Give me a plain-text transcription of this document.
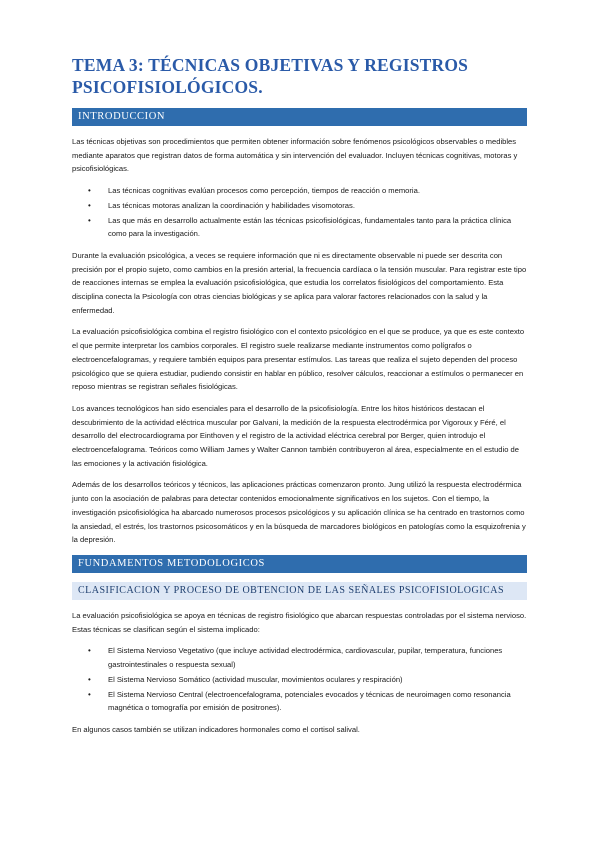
TEMA 3: TÉCNICAS OBJETIVAS Y REGISTROS PSICOFISIOLÓGICOS.
INTRODUCCION

Las técnicas objetivas son procedimientos que permiten obtener información sobre fenómenos psicológicos observables o medibles mediante aparatos que registran datos de forma automática y sin intervención del evaluador. Incluyen técnicas cognitivas, motoras y psicofisiológicas.

• Las técnicas cognitivas evalúan procesos como percepción, tiempos de reacción o memoria.
• Las técnicas motoras analizan la coordinación y habilidades visomotoras.
• Las que más en desarrollo actualmente están las técnicas psicofisiológicas, fundamentales tanto para la práctica clínica como para la investigación.

Durante la evaluación psicológica, a veces se requiere información que ni es directamente observable ni puede ser descrita con precisión por el propio sujeto, como cambios en la presión arterial, la frecuencia cardíaca o la tensión muscular. Para registrar este tipo de reacciones internas se emplea la evaluación psicofisiológica, que estudia los correlatos fisiológicos del comportamiento. Esta disciplina conecta la Psicología con otras ciencias biológicas y se aplica para valorar factores relacionados con la salud y la enfermedad.

La evaluación psicofisiológica combina el registro fisiológico con el contexto psicológico en el que se produce, ya que es este contexto el que permite interpretar los cambios corporales. El registro suele realizarse mediante instrumentos como polígrafos o electroencefalogramas, y requiere también equipos para presentar estímulos. Las tareas que realiza el sujeto dependen del proceso psicológico que se quiera estudiar, pudiendo consistir en hablar en público, resolver cálculos, reaccionar a estímulos o permanecer en reposo mientras se registran señales fisiológicas.

Los avances tecnológicos han sido esenciales para el desarrollo de la psicofisiología. Entre los hitos históricos destacan el descubrimiento de la actividad eléctrica muscular por Galvani, la medición de la respuesta electrodérmica por Vigoroux y Féré, el desarrollo del electrocardiograma por Einthoven y el registro de la actividad eléctrica cerebral por Berger, quien introdujo el electroencefalograma. Teóricos como William James y Walter Cannon también contribuyeron al área, especialmente en el estudio de las emociones y la activación fisiológica.

Además de los desarrollos teóricos y técnicos, las aplicaciones prácticas comenzaron pronto. Jung utilizó la respuesta electrodérmica junto con la asociación de palabras para detectar contenidos emocionalmente significativos en los sujetos. Con el tiempo, la investigación psicofisiológica ha abarcado numerosos procesos psicológicos y su aplicación clínica se ha centrado en trastornos como la ansiedad, el estrés, los trastornos psicosomáticos y en la búsqueda de marcadores biológicos en patologías como la esquizofrenia y la depresión.

FUNDAMENTOS METODOLOGICOS
CLASIFICACION Y PROCESO DE OBTENCION DE LAS SEÑALES PSICOFISIOLOGICAS

La evaluación psicofisiológica se apoya en técnicas de registro fisiológico que abarcan respuestas controladas por el sistema nervioso. Estas técnicas se clasifican según el sistema implicado:

• El Sistema Nervioso Vegetativo (que incluye actividad electrodérmica, cardiovascular, pupilar, temperatura, funciones gastrointestinales o respuesta sexual)
• El Sistema Nervioso Somático (actividad muscular, movimientos oculares y respiración)
• El Sistema Nervioso Central (electroencefalograma, potenciales evocados y técnicas de neuroimagen como resonancia magnética o tomografía por emisión de positrones).

En algunos casos también se utilizan indicadores hormonales como el cortisol salival.
